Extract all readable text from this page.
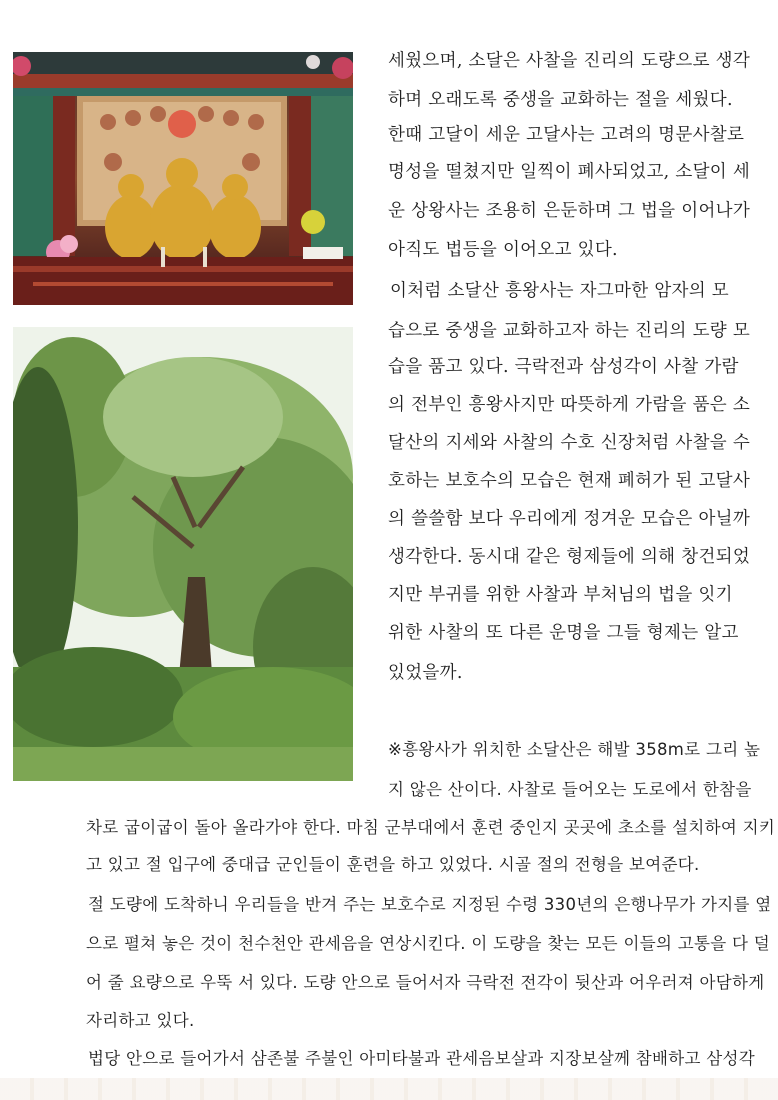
세웠으며, 소달은 사찰을 진리의 도량으로 생각
하며 오래도록 중생을 교화하는 절을 세웠다.
한때 고달이 세운 고달사는 고려의 명문사찰로
명성을 떨쳤지만 일찍이 폐사되었고, 소달이 세
운 상왕사는 조용히 은둔하며 그 법을 이어나가
아직도 법등을 이어오고 있다.
이처럼 소달산 흥왕사는 자그마한 암자의 모
습으로 중생을 교화하고자 하는 진리의 도량 모
습을 품고 있다. 극락전과 삼성각이 사찰 가람
의 전부인 흥왕사지만 따뜻하게 가람을 품은 소
달산의 지세와 사찰의 수호 신장처럼 사찰을 수
호하는 보호수의 모습은 현재 폐허가 된 고달사
의 쓸쓸함 보다 우리에게 정겨운 모습은 아닐까
생각한다. 동시대 같은 형제들에 의해 창건되었
지만 부귀를 위한 사찰과 부처님의 법을 잇기
위한 사찰의 또 다른 운명을 그들 형제는 알고
있었을까.
※흥왕사가 위치한 소달산은 해발 358m로 그리 높
지 않은 산이다. 사찰로 들어오는 도로에서 한참을
차로 굽이굽이 돌아 올라가야 한다. 마침 군부대에서 훈련 중인지 곳곳에 초소를 설치하여 지키
고 있고 절 입구에 중대급 군인들이 훈련을 하고 있었다. 시골 절의 전형을 보여준다.
절 도량에 도착하니 우리들을 반겨 주는 보호수로 지정된 수령 330년의 은행나무가 가지를 옆
으로 펼쳐 놓은 것이 천수천안 관세음을 연상시킨다. 이 도량을 찾는 모든 이들의 고통을 다 덜
어 줄 요량으로 우뚝 서 있다. 도량 안으로 들어서자 극락전 전각이 뒷산과 어우러져 아담하게
자리하고 있다.
법당 안으로 들어가서 삼존불 주불인 아미타불과 관세음보살과 지장보살께 참배하고 삼성각
